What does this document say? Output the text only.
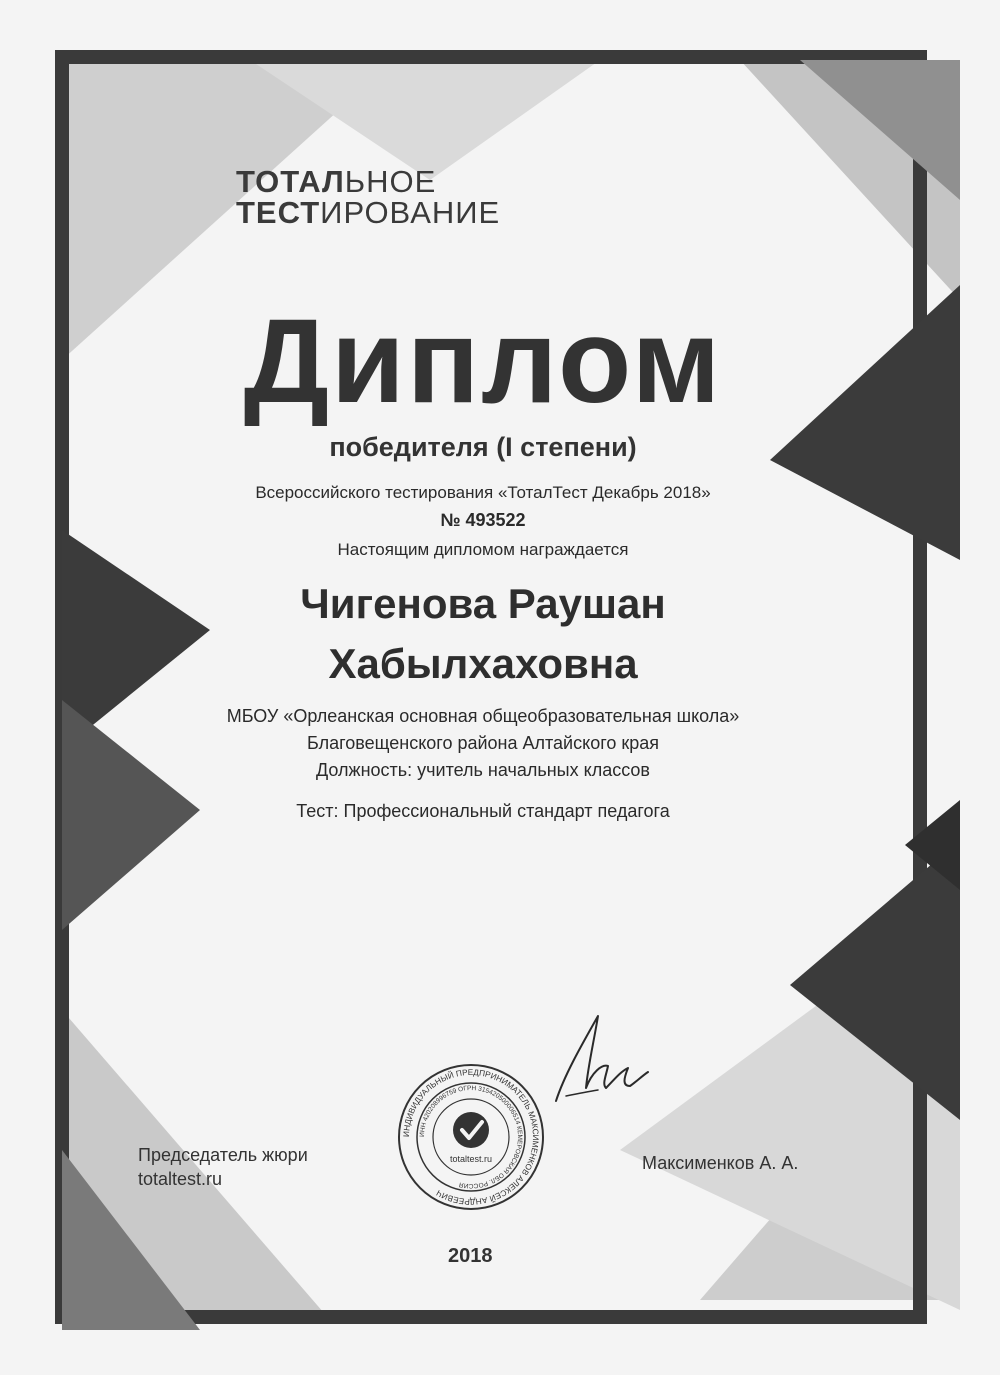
ТОТАЛЬНОЕ
ТЕСТИРОВАНИЕ
Диплом
победителя (I степени)
Всероссийского тестирования «ТоталТест Декабрь 2018»
№ 493522
Настоящим дипломом награждается
Чигенова Раушан
Хабылхаховна
МБОУ «Орлеанская основная общеобразовательная школа»
Благовещенского района Алтайского края
Должность: учитель начальных классов
Тест: Профессиональный стандарт педагога
ИНДИВИДУАЛЬНЫЙ ПРЕДПРИНИМАТЕЛЬ МАКСИМЕНКОВ АЛЕКСЕЙ АНДРЕЕВИЧ
ИНН 420208996759 ОГРН 315420500006514 КЕМЕРОВСКАЯ ОБЛ. РОССИЯ
totaltest.ru
Председатель жюри
totaltest.ru
Максименков А. А.
2018
